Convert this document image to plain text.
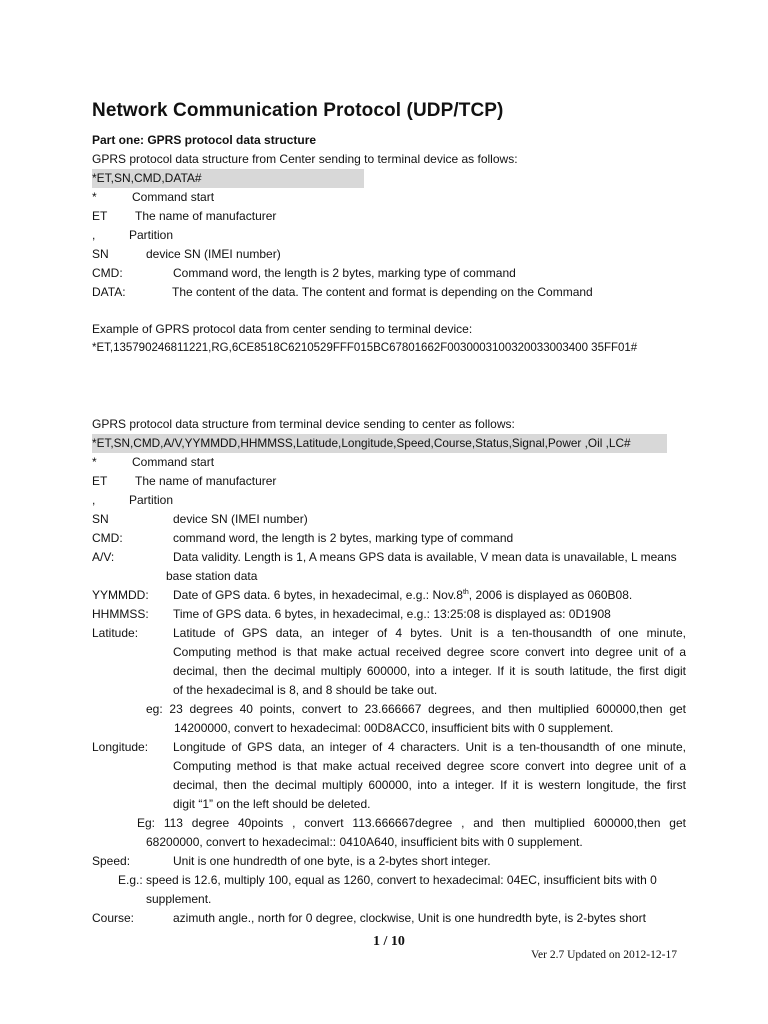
Network Communication Protocol (UDP/TCP)
Part one: GPRS protocol data structure
GPRS protocol data structure from Center sending to terminal device as follows:
*ET,SN,CMD,DATA#
*	Command start
ET The name of manufacturer
,	Partition
SN	device SN (IMEI number)
CMD:	Command word, the length is 2 bytes, marking type of command
DATA:	The content of the data. The content and format is depending on the Command
Example of GPRS protocol data from center sending to terminal device:
*ET,135790246811221,RG,6CE8518C6210529FFF015BC67801662F0030003100320033003400 35FF01#
GPRS protocol data structure from terminal device sending to center as follows:
*ET,SN,CMD,A/V,YYMMDD,HHMMSS,Latitude,Longitude,Speed,Course,Status,Signal,Power ,Oil ,LC#
*	Command start
ET The name of manufacturer
,	Partition
SN	device SN (IMEI number)
CMD:	command word, the length is 2 bytes, marking type of command
A/V:	Data validity. Length is 1, A means GPS data is available, V mean data is unavailable, L means
base station data
YYMMDD: Date of GPS data. 6 bytes, in hexadecimal, e.g.: Nov.8th, 2006 is displayed as 060B08.
HHMMSS: Time of GPS data. 6 bytes, in hexadecimal, e.g.: 13:25:08 is displayed as: 0D1908
Latitude:	Latitude of GPS data, an integer of 4 bytes. Unit is a ten-thousandth of one minute,
Computing method is that make actual received degree score convert into degree unit of a
decimal, then the decimal multiply 600000, into a integer. If it is south latitude, the first digit
of the hexadecimal is 8, and 8 should be take out.
eg: 23 degrees 40 points, convert to 23.666667 degrees, and then multiplied 600000,then get
14200000, convert to hexadecimal: 00D8ACC0, insufficient bits with 0 supplement.
Longitude: Longitude of GPS data, an integer of 4 characters. Unit is a ten-thousandth of one minute,
Computing method is that make actual received degree score convert into degree unit of a
decimal, then the decimal multiply 600000, into a integer. If it is western longitude, the first
digit “1” on the left should be deleted.
Eg: 113 degree 40points , convert 113.666667degree , and then multiplied 600000,then get
68200000, convert to hexadecimal:: 0410A640, insufficient bits with 0 supplement.
Speed:	Unit is one hundredth of one byte, is a 2-bytes short integer.
E.g.: speed is 12.6, multiply 100, equal as 1260, convert to hexadecimal: 04EC, insufficient bits with 0
supplement.
Course:	azimuth angle., north for 0 degree, clockwise, Unit is one hundredth byte, is 2-bytes short
1 / 10
Ver 2.7 Updated on 2012-12-17
